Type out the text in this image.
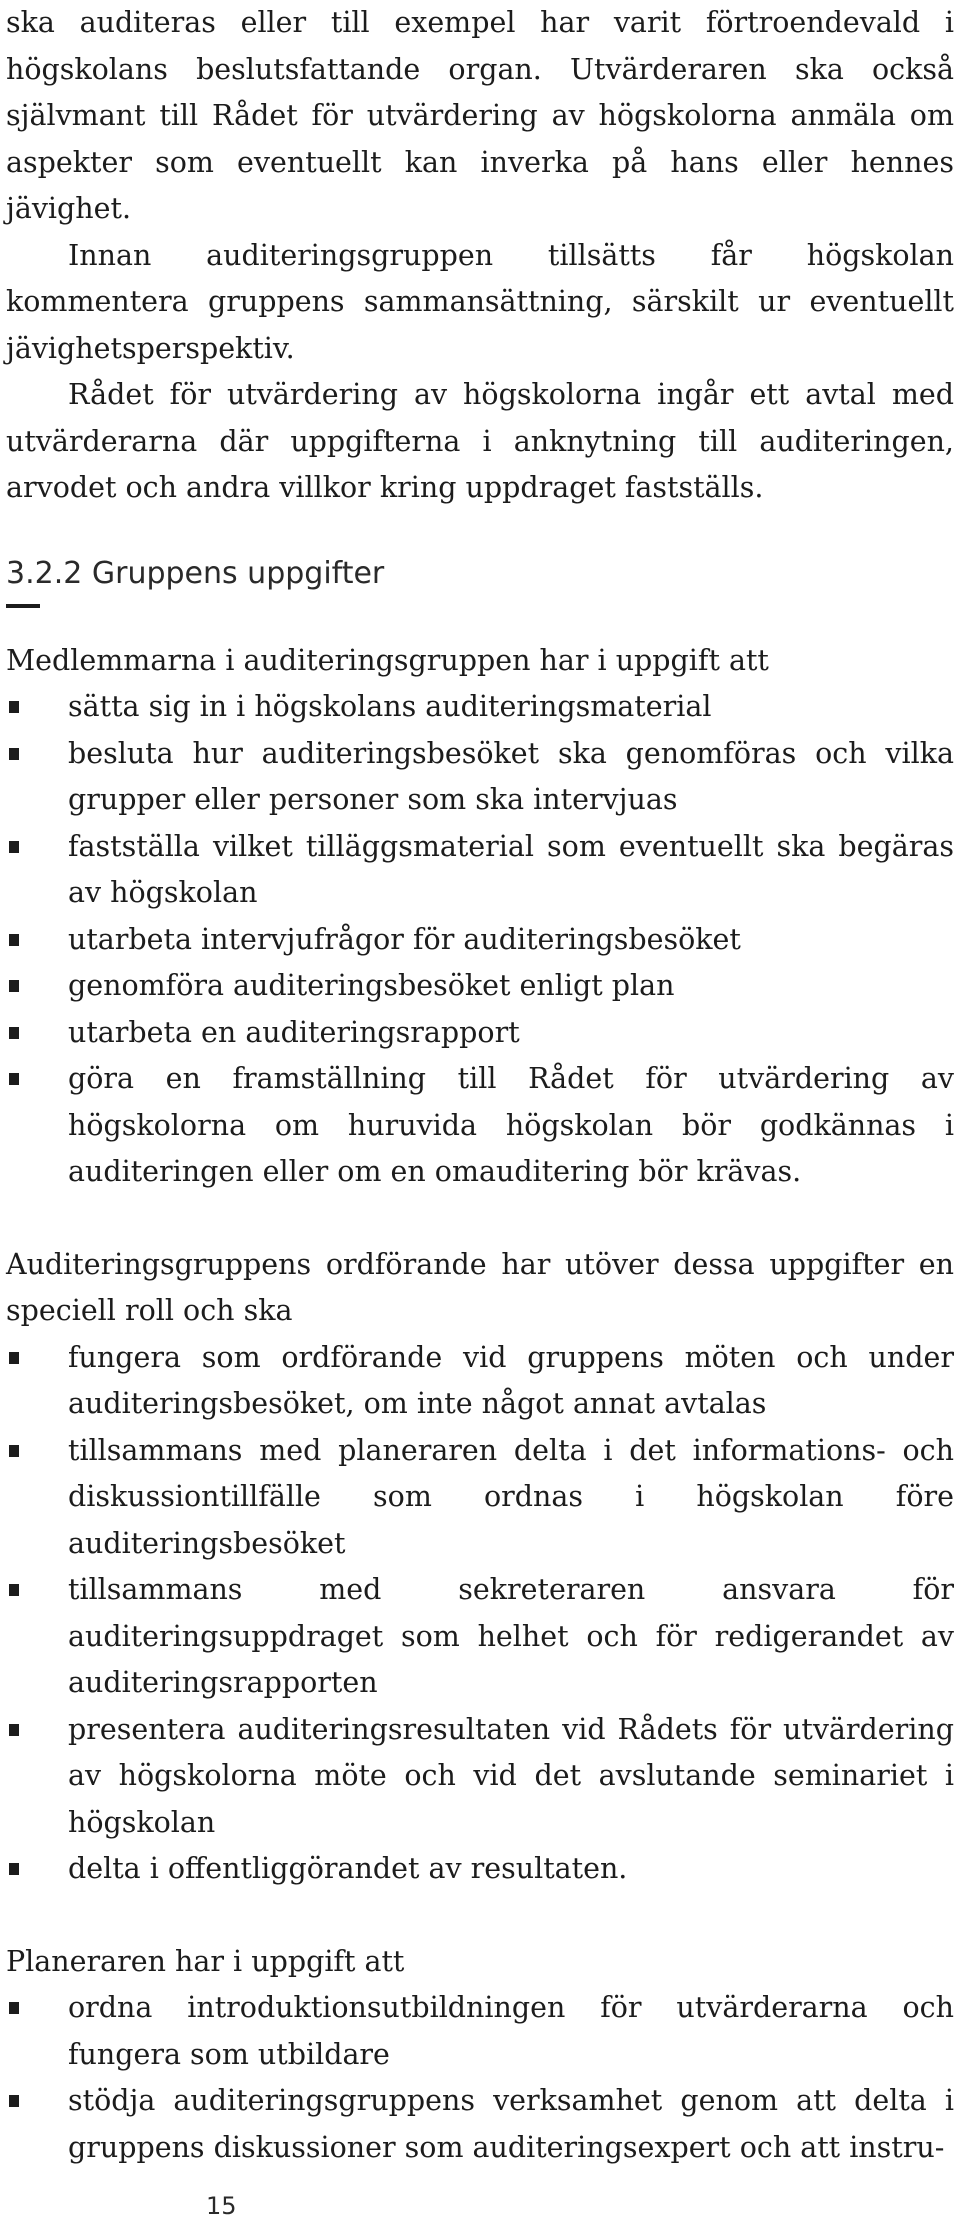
ska auditeras eller till exempel har varit förtroendevald i högskolans beslutsfattande organ. Utvärderaren ska också självmant till Rådet för utvärdering av högskolorna anmäla om aspekter som eventuellt kan inverka på hans eller hennes jävighet.

Innan auditeringsgruppen tillsätts får högskolan kommentera gruppens sammansättning, särskilt ur eventuellt jävighetsperspektiv.

Rådet för utvärdering av högskolorna ingår ett avtal med utvärderarna där uppgifterna i anknytning till auditeringen, arvodet och andra villkor kring uppdraget fastställs.

3.2.2 Gruppens uppgifter

Medlemmarna i auditeringsgruppen har i uppgift att

sätta sig in i högskolans auditeringsmaterial
besluta hur auditeringsbesöket ska genomföras och vilka grupper eller personer som ska intervjuas
fastställa vilket tilläggsmaterial som eventuellt ska begäras av högskolan
utarbeta intervjufrågor för auditeringsbesöket
genomföra auditeringsbesöket enligt plan
utarbeta en auditeringsrapport
göra en framställning till Rådet för utvärdering av högskolorna om huruvida högskolan bör godkännas i auditeringen eller om en omauditering bör krävas.

Auditeringsgruppens ordförande har utöver dessa uppgifter en speciell roll och ska

fungera som ordförande vid gruppens möten och under auditeringsbesöket, om inte något annat avtalas
tillsammans med planeraren delta i det informations- och diskussiontillfälle som ordnas i högskolan före auditeringsbesöket
tillsammans med sekreteraren ansvara för auditeringsuppdraget som helhet och för redigerandet av auditeringsrapporten
presentera auditeringsresultaten vid Rådets för utvärdering av högskolorna möte och vid det avslutande seminariet i högskolan
delta i offentliggörandet av resultaten.

Planeraren har i uppgift att

ordna introduktionsutbildningen för utvärderarna och fungera som utbildare
stödja auditeringsgruppens verksamhet genom att delta i gruppens diskussioner som auditeringsexpert och att instru-
15
